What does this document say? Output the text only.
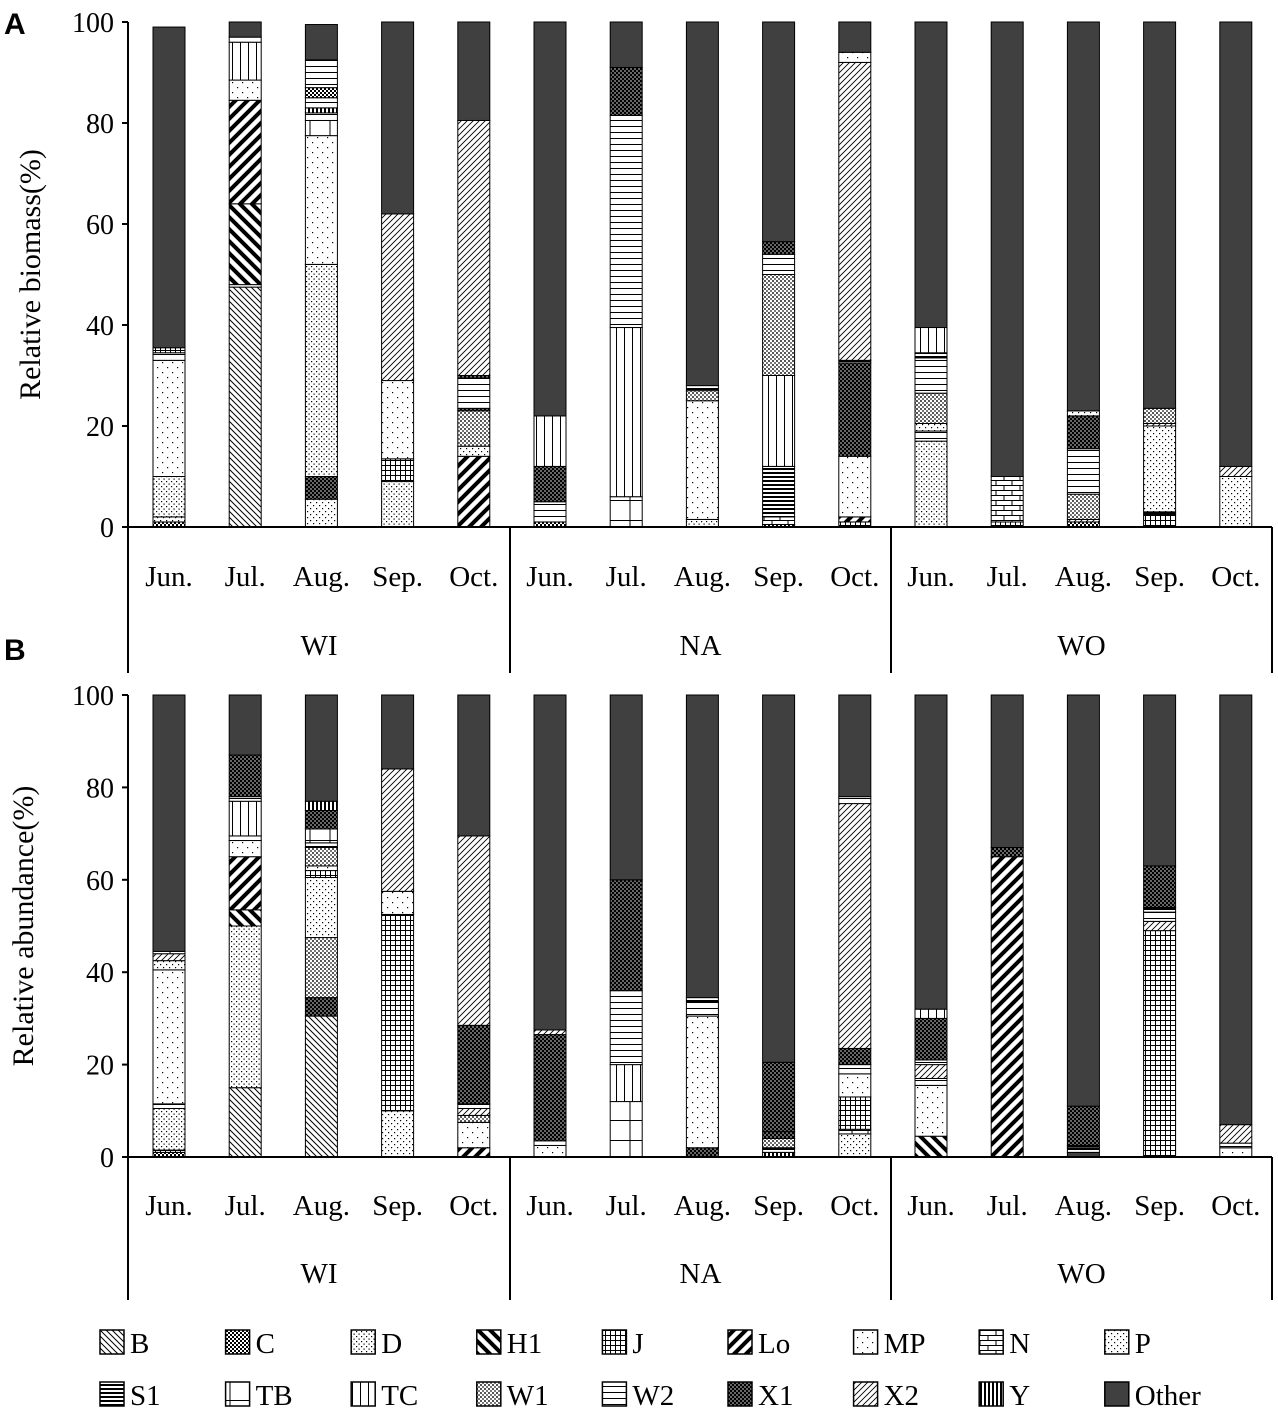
A
Relative biomass(%)
0
20
40
60
80
100
Jun. Jul. Aug. Sep. Oct.
WI
Jun. Jul. Aug. Sep. Oct.
NA
Jun. Jul. Aug. Sep. Oct.
WO
B
Relative abundance(%)
0
20
40
60
80
100
Jun. Jul. Aug. Sep. Oct.
WI
Jun. Jul. Aug. Sep. Oct.
NA
Jun. Jul. Aug. Sep. Oct.
WO
B	C	D	H1	J	Lo	MP	N	P
S1	TB	TC	W1	W2	X1	X2	Y	Other
